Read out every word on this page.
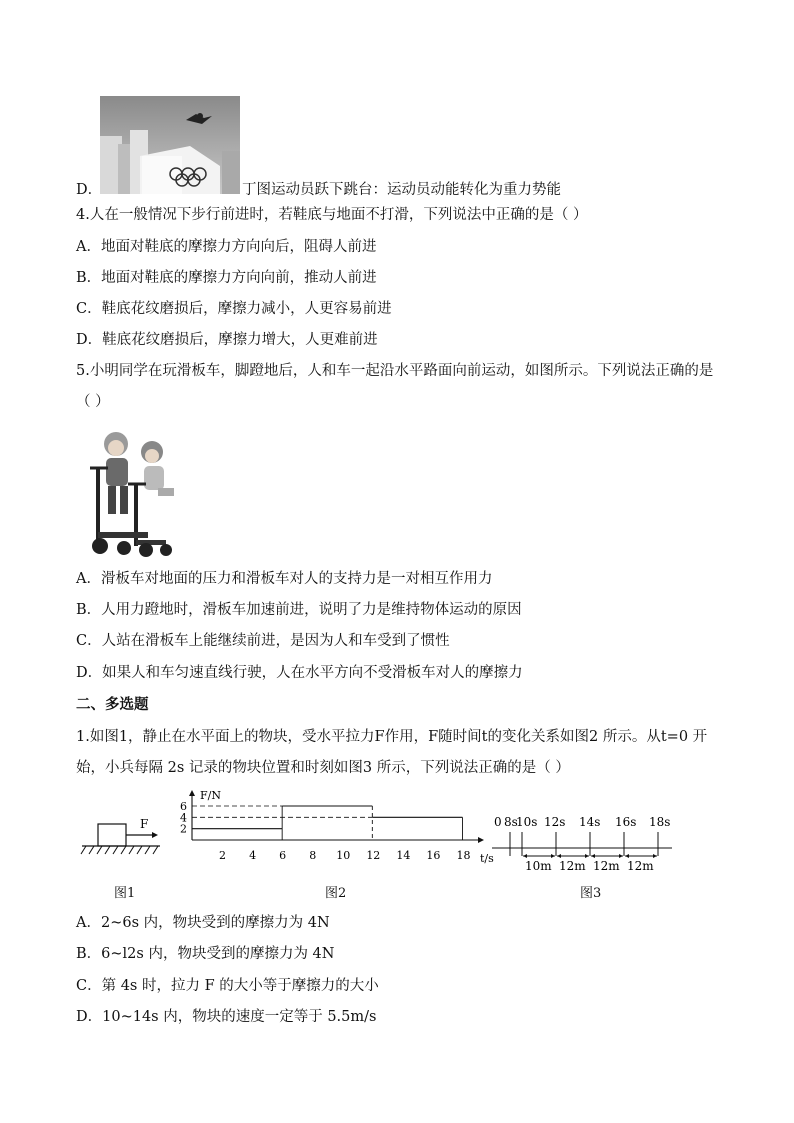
D．	丁图运动员跃下跳台：运动员动能转化为重力势能
4.人在一般情况下步行前进时，若鞋底与地面不打滑，下列说法中正确的是（ ）
A．地面对鞋底的摩擦力方向向后，阻碍人前进
B．地面对鞋底的摩擦力方向向前，推动人前进
C．鞋底花纹磨损后，摩擦力减小，人更容易前进
D．鞋底花纹磨损后，摩擦力增大，人更难前进
5.小明同学在玩滑板车，脚蹬地后，人和车一起沿水平路面向前运动，如图所示。下列说法正确的是
（ ）
A．滑板车对地面的压力和滑板车对人的支持力是一对相互作用力
B．人用力蹬地时，滑板车加速前进，说明了力是维持物体运动的原因
C．人站在滑板车上能继续前进，是因为人和车受到了惯性
D．如果人和车匀速直线行驶，人在水平方向不受滑板车对人的摩擦力
二、多选题
1.如图1，静止在水平面上的物块，受水平拉力F作用，F随时间t的变化关系如图2 所示。从t=0 开
始，小兵每隔 2s 记录的物块位置和时刻如图3 所示，下列说法正确的是（ ）
F
图1
F/N
t/s
2
4
6
2 4 6 8 10 12 14 16 18
图2
0 8s
10s 12s 14s 16s 18s
10m 12m 12m 12m
图3
A．2~6s 内，物块受到的摩擦力为 4N
B．6~l2s 内，物块受到的摩擦力为 4N
C．第 4s 时，拉力 F 的大小等于摩擦力的大小
D．10~14s 内，物块的速度一定等于 5.5m/s
